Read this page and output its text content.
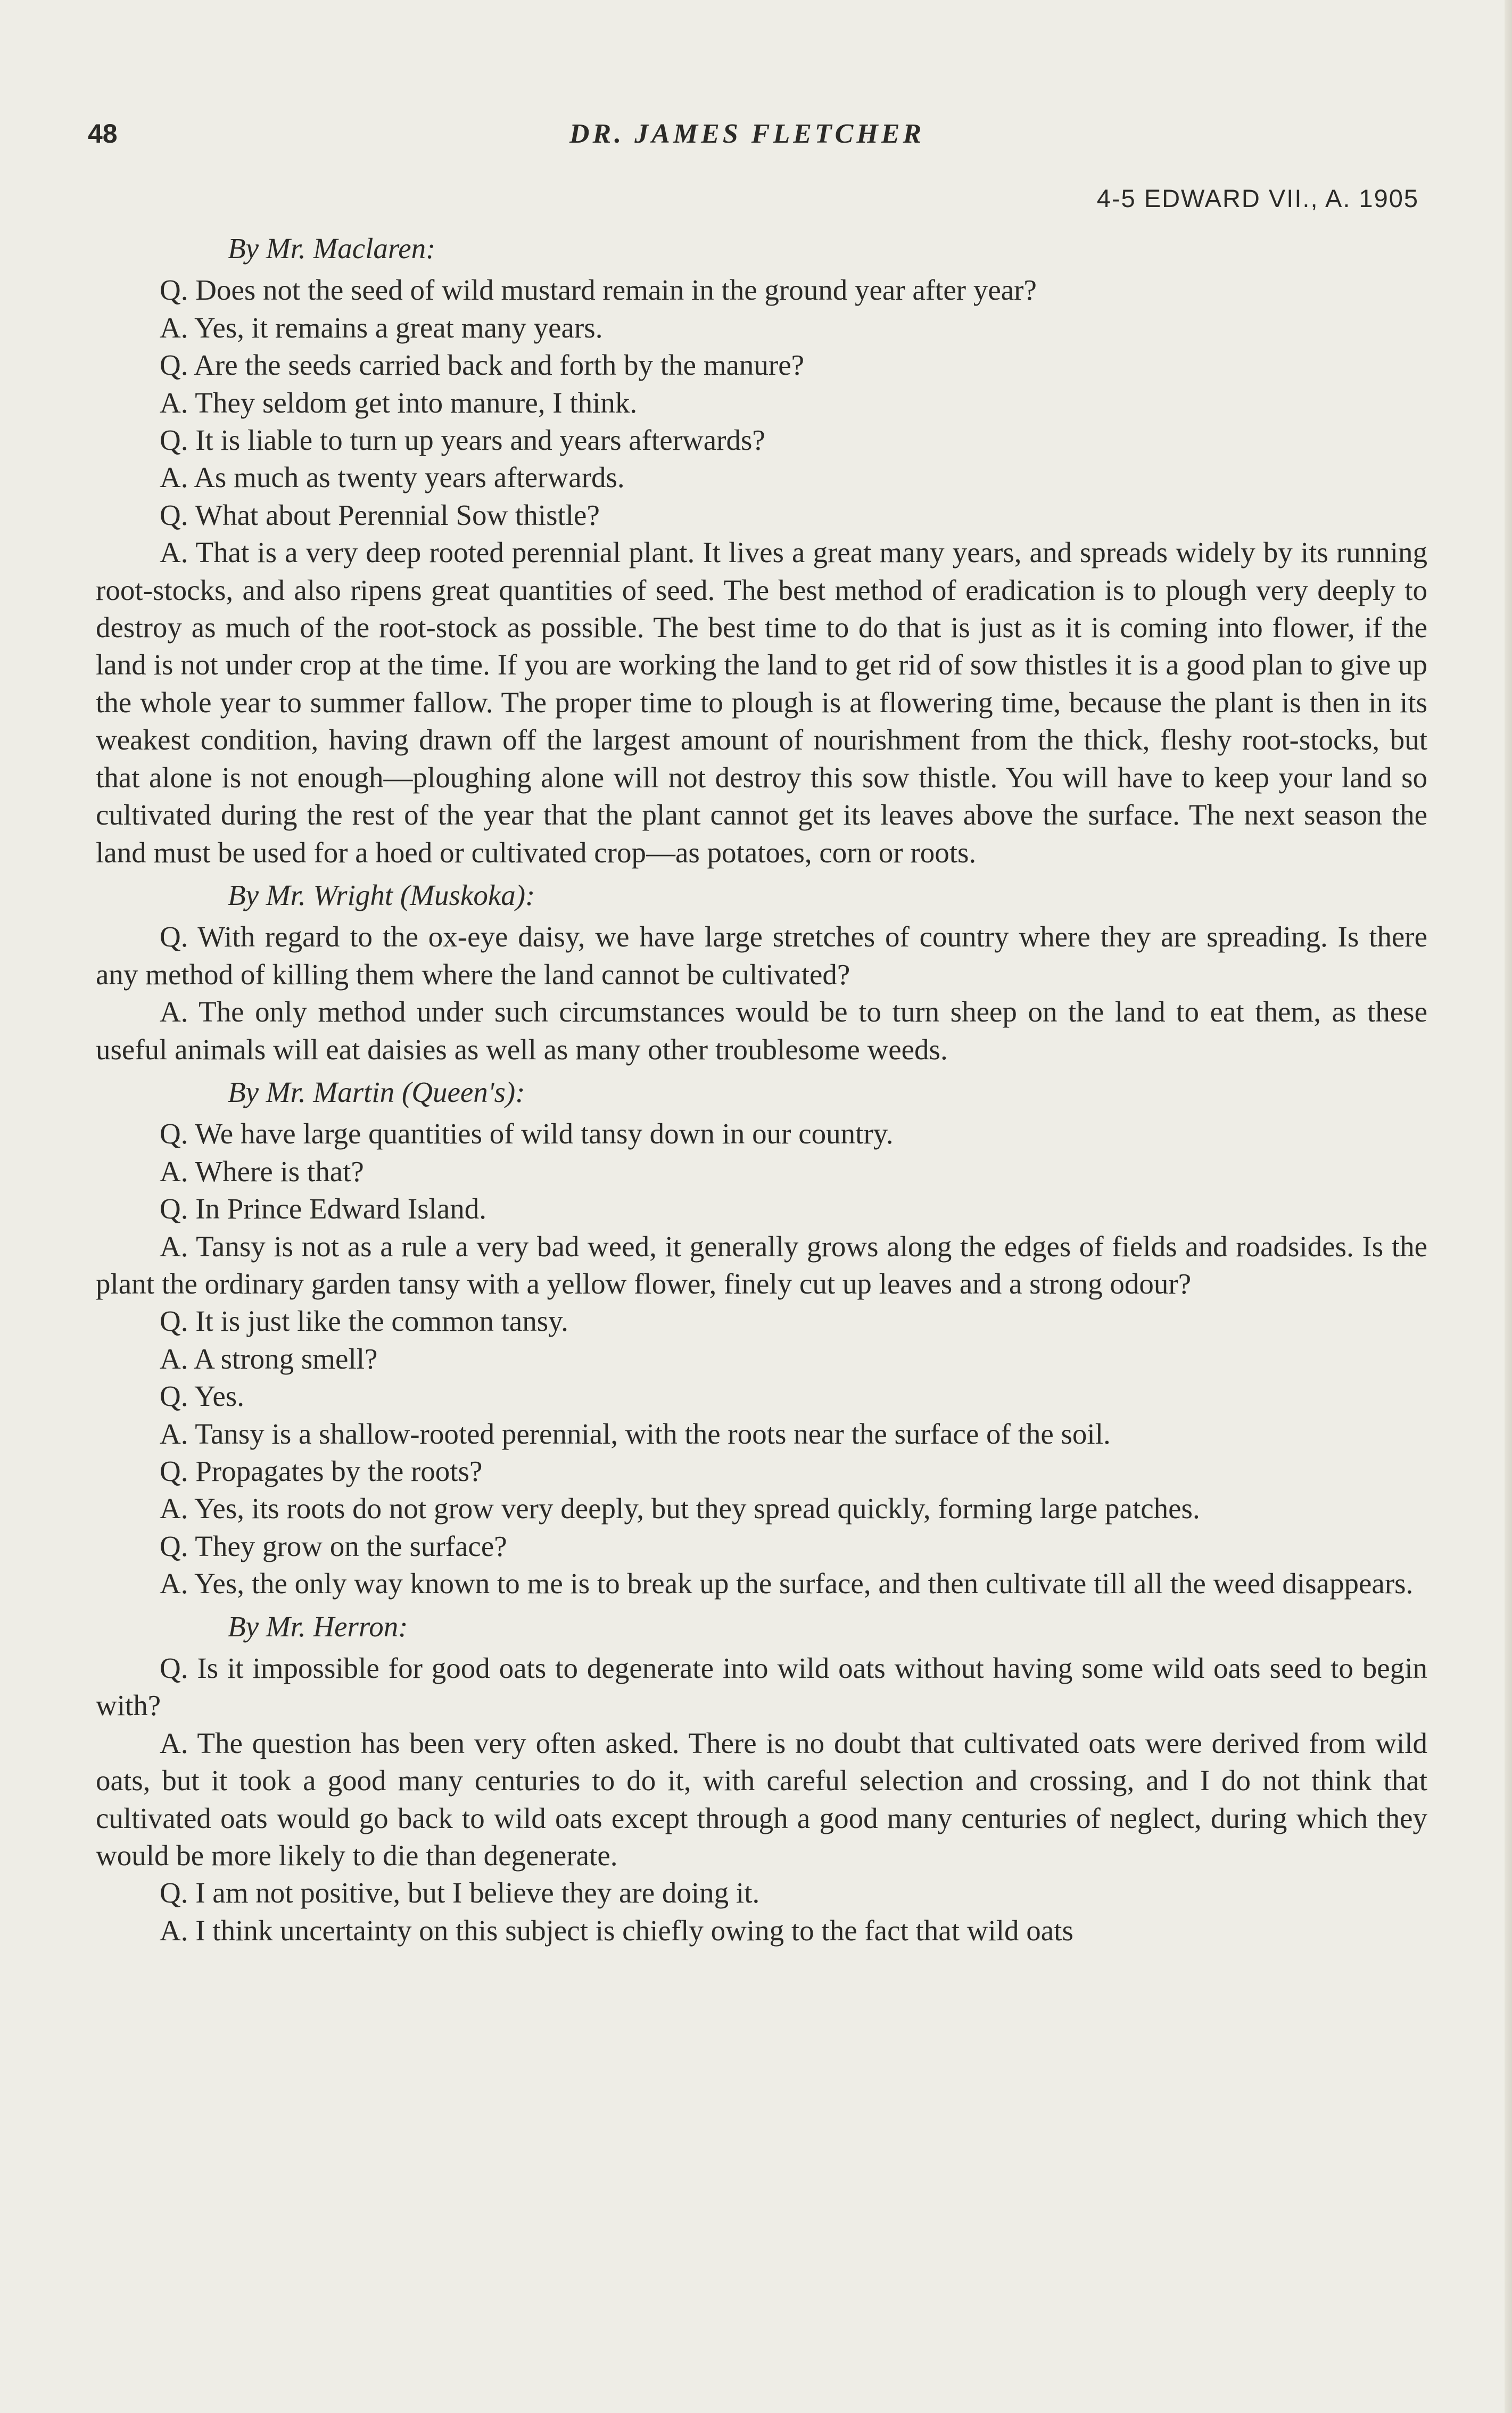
48	DR. JAMES FLETCHER
4-5 EDWARD VII., A. 1905

By Mr. Maclaren:

Q. Does not the seed of wild mustard remain in the ground year after year?

A. Yes, it remains a great many years.

Q. Are the seeds carried back and forth by the manure?

A. They seldom get into manure, I think.

Q. It is liable to turn up years and years afterwards?

A. As much as twenty years afterwards.

Q. What about Perennial Sow thistle?

A. That is a very deep rooted perennial plant. It lives a great many years, and spreads widely by its running root-stocks, and also ripens great quantities of seed. The best method of eradication is to plough very deeply to destroy as much of the root-stock as possible. The best time to do that is just as it is coming into flower, if the land is not under crop at the time. If you are working the land to get rid of sow thistles it is a good plan to give up the whole year to summer fallow. The proper time to plough is at flowering time, because the plant is then in its weakest condition, having drawn off the largest amount of nourishment from the thick, fleshy root-stocks, but that alone is not enough—ploughing alone will not destroy this sow thistle. You will have to keep your land so cultivated during the rest of the year that the plant cannot get its leaves above the surface. The next season the land must be used for a hoed or cultivated crop—as potatoes, corn or roots.

By Mr. Wright (Muskoka):

Q. With regard to the ox-eye daisy, we have large stretches of country where they are spreading. Is there any method of killing them where the land cannot be cultivated?

A. The only method under such circumstances would be to turn sheep on the land to eat them, as these useful animals will eat daisies as well as many other troublesome weeds.

By Mr. Martin (Queen's):

Q. We have large quantities of wild tansy down in our country.

A. Where is that?

Q. In Prince Edward Island.

A. Tansy is not as a rule a very bad weed, it generally grows along the edges of fields and roadsides. Is the plant the ordinary garden tansy with a yellow flower, finely cut up leaves and a strong odour?

Q. It is just like the common tansy.

A. A strong smell?

Q. Yes.

A. Tansy is a shallow-rooted perennial, with the roots near the surface of the soil.

Q. Propagates by the roots?

A. Yes, its roots do not grow very deeply, but they spread quickly, forming large patches.

Q. They grow on the surface?

A. Yes, the only way known to me is to break up the surface, and then cultivate till all the weed disappears.

By Mr. Herron:

Q. Is it impossible for good oats to degenerate into wild oats without having some wild oats seed to begin with?

A. The question has been very often asked. There is no doubt that cultivated oats were derived from wild oats, but it took a good many centuries to do it, with careful selection and crossing, and I do not think that cultivated oats would go back to wild oats except through a good many centuries of neglect, during which they would be more likely to die than degenerate.

Q. I am not positive, but I believe they are doing it.

A. I think uncertainty on this subject is chiefly owing to the fact that wild oats
